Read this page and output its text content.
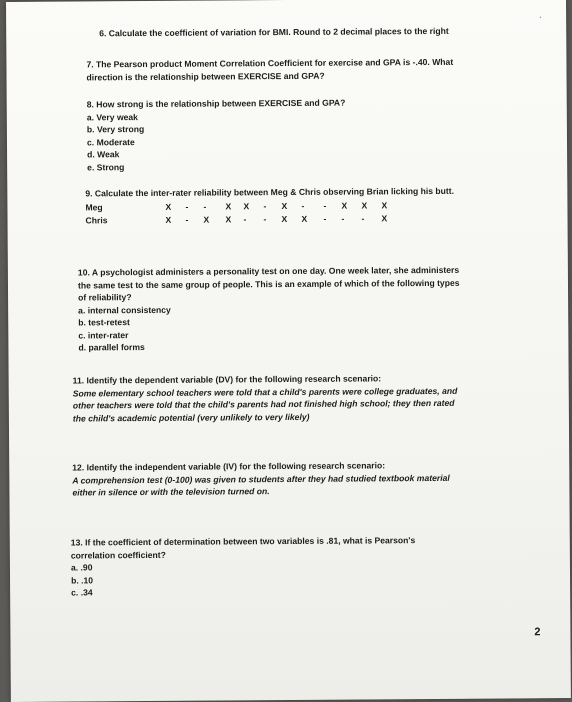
ˎ
6. Calculate the coefficient of variation for BMI. Round to 2 decimal places to the right
7. The Pearson product Moment Correlation Coefficient for exercise and GPA is -.40. What
direction is the relationship between EXERCISE and GPA?
8. How strong is the relationship between EXERCISE and GPA?
a. Very weak
b. Very strong
c. Moderate
d. Weak
e. Strong
9. Calculate the inter-rater reliability between Meg & Chris observing Brian licking his butt.
Meg	X - - X X - X - - X X X
Chris	X - X X - - X X - - - X
10. A psychologist administers a personality test on one day. One week later, she administers
the same test to the same group of people. This is an example of which of the following types
of reliability?
a. internal consistency
b. test-retest
c. inter-rater
d. parallel forms
11. Identify the dependent variable (DV) for the following research scenario:
Some elementary school teachers were told that a child's parents were college graduates, and
other teachers were told that the child's parents had not finished high school; they then rated
the child's academic potential (very unlikely to very likely)
12. Identify the independent variable (IV) for the following research scenario:
A comprehension test (0-100) was given to students after they had studied textbook material
either in silence or with the television turned on.
13. If the coefficient of determination between two variables is .81, what is Pearson's
correlation coefficient?
a. .90
b. .10
c. .34
2
